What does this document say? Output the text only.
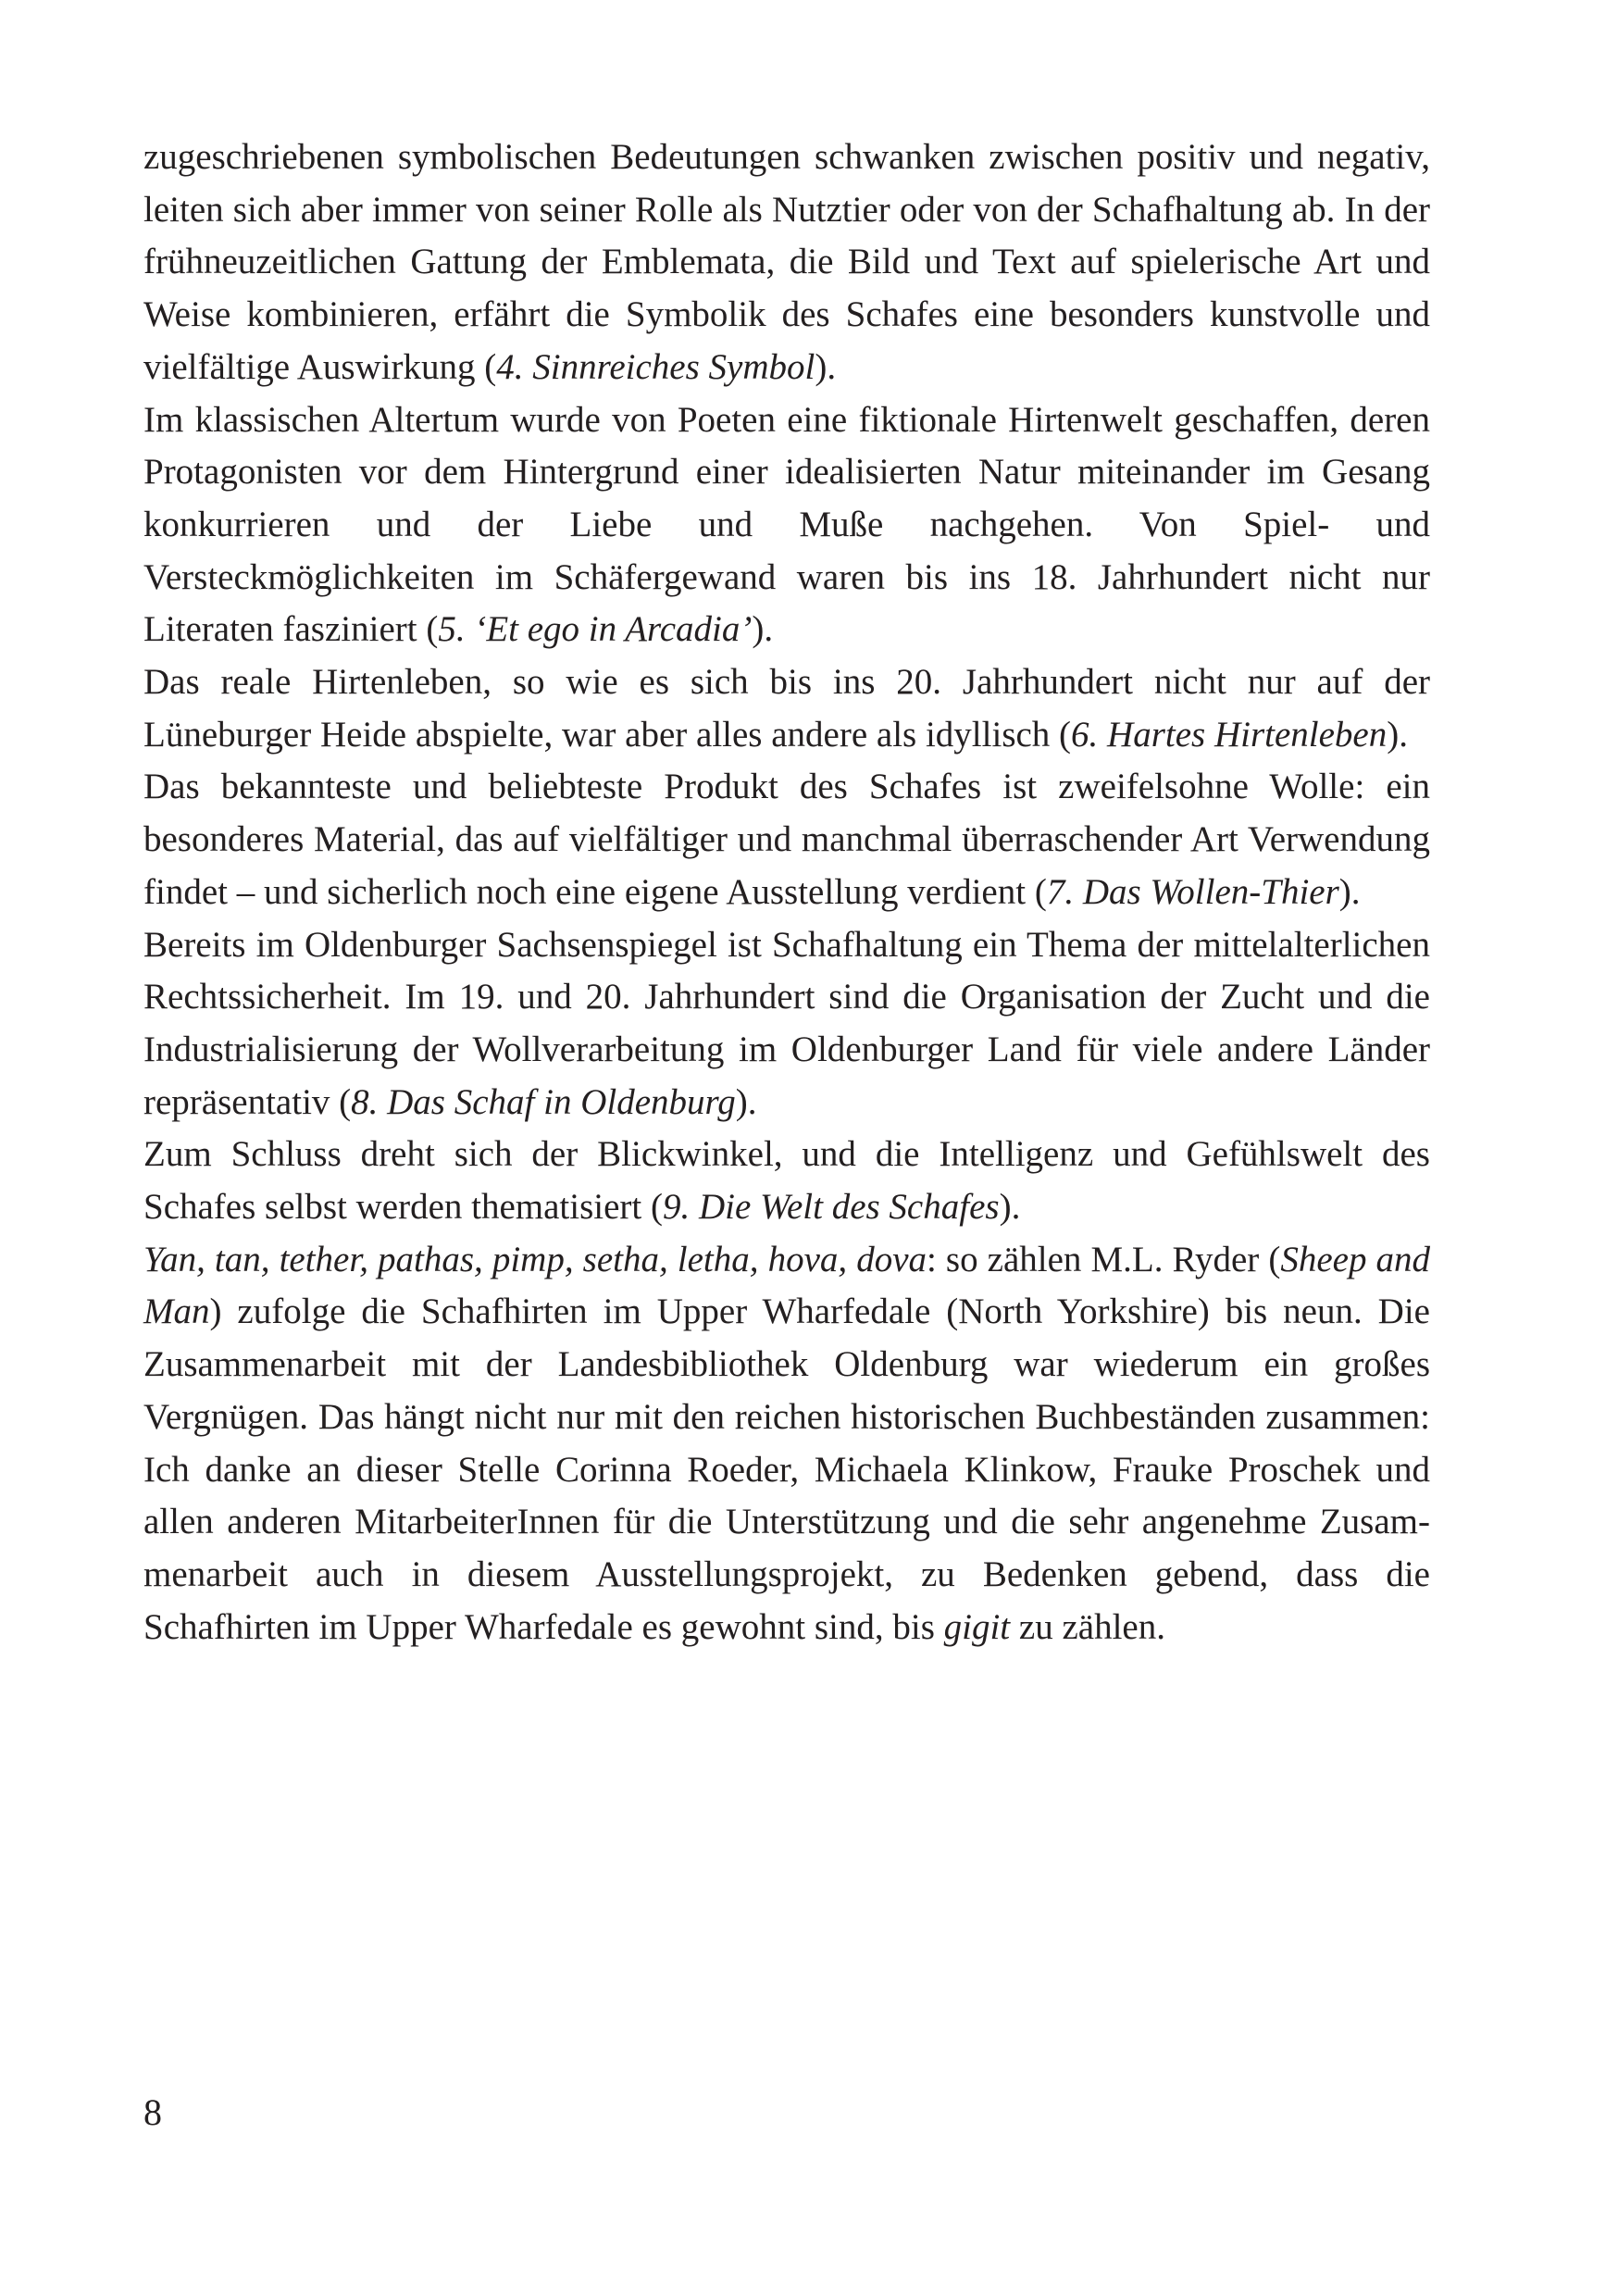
zugeschriebenen symbolischen Bedeutungen schwanken zwischen positiv und negativ, leiten sich aber immer von seiner Rolle als Nutztier oder von der Schafhaltung ab. In der frühneuzeitlichen Gattung der Emblemata, die Bild und Text auf spielerische Art und Weise kombinieren, erfährt die Symbolik des Schafes eine besonders kunstvolle und vielfältige Auswirkung (4. Sinnreiches Symbol).

Im klassischen Altertum wurde von Poeten eine fiktionale Hirtenwelt geschaffen, deren Protagonisten vor dem Hintergrund einer idealisierten Natur miteinander im Gesang konkurrieren und der Liebe und Muße nachgehen. Von Spiel- und Versteckmöglichkeiten im Schäfergewand waren bis ins 18. Jahrhundert nicht nur Literaten fasziniert (5. ‘Et ego in Arcadia’).

Das reale Hirtenleben, so wie es sich bis ins 20. Jahrhundert nicht nur auf der Lüneburger Heide abspielte, war aber alles andere als idyllisch (6. Hartes Hirtenleben).

Das bekannteste und beliebteste Produkt des Schafes ist zweifelsohne Wolle: ein besonderes Material, das auf vielfältiger und manchmal überraschender Art Verwendung findet – und sicherlich noch eine eigene Ausstellung verdient (7. Das Wollen-Thier).

Bereits im Oldenburger Sachsenspiegel ist Schafhaltung ein Thema der mittelalterlichen Rechtssicherheit. Im 19. und 20. Jahrhundert sind die Organisation der Zucht und die Industrialisierung der Wollverarbeitung im Oldenburger Land für viele andere Länder repräsentativ (8. Das Schaf in Oldenburg).

Zum Schluss dreht sich der Blickwinkel, und die Intelligenz und Gefühlswelt des Schafes selbst werden thematisiert (9. Die Welt des Schafes).

Yan, tan, tether, pathas, pimp, setha, letha, hova, dova: so zählen M.L. Ryder (Sheep and Man) zufolge die Schafhirten im Upper Wharfedale (North Yorkshire) bis neun. Die Zusammenarbeit mit der Landesbibliothek Oldenburg war wiederum ein großes Vergnügen. Das hängt nicht nur mit den reichen historischen Buchbeständen zusammen: Ich danke an dieser Stelle Corinna Roeder, Michaela Klinkow, Frauke Proschek und allen anderen MitarbeiterInnen für die Unterstützung und die sehr angenehme Zusammenarbeit auch in diesem Ausstellungsprojekt, zu Bedenken gebend, dass die Schafhirten im Upper Wharfedale es gewohnt sind, bis gigit zu zählen.

8
